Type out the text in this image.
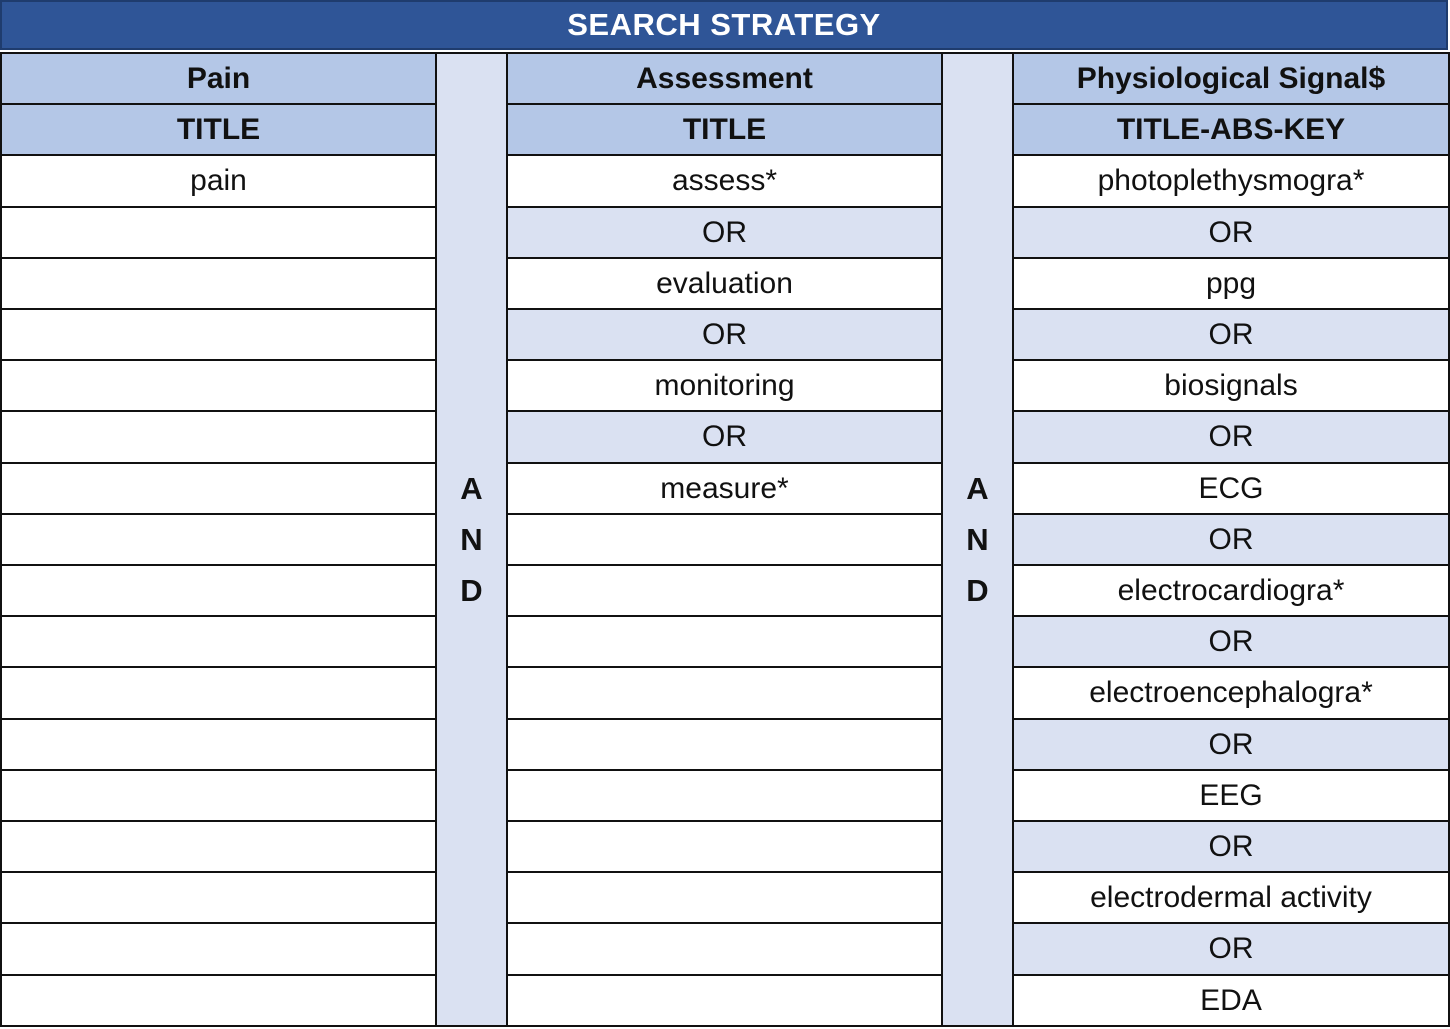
SEARCH STRATEGY
Pain
TITLE
pain
A
N
D
Assessment
TITLE
assess*
OR
evaluation
OR
monitoring
OR
measure*	A
N
D
Physiological Signal$
TITLE-ABS-KEY
photoplethysmogra*
OR
ppg
OR
biosignals
OR
ECG
OR
electrocardiogra*
OR
electroencephalogra*
OR
EEG
OR
electrodermal activity
OR
EDA
